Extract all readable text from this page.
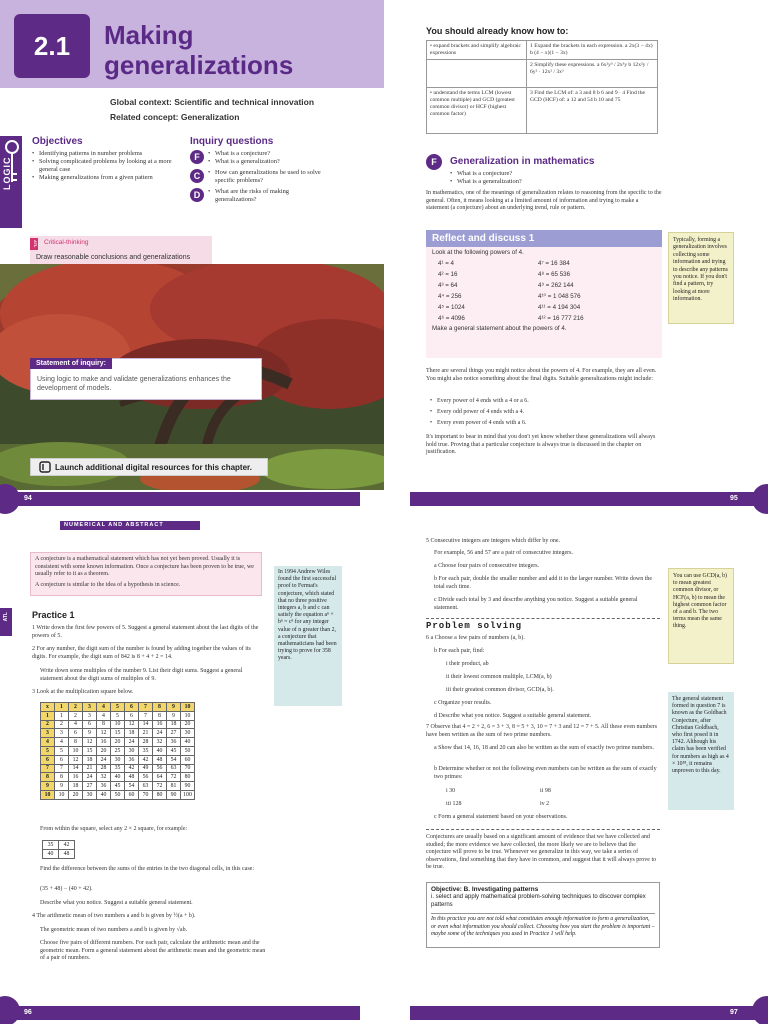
2.1	Making
generalizations
Global context: Scientific and technical innovation
Related concept: Generalization
LOGIC
Objectives
• Identifying patterns in number problems
• Solving complicated problems by looking at a more general case
• Making generalizations from a given pattern
Inquiry questions
F	• What is a conjecture?
• What is a generalization?
C	• How can generalizations be used to solve specific problems?
D	• What are the risks of making generalizations?
ATL Critical-thinking
Draw reasonable conclusions and generalizations
Using logic to make and validate generalizations enhances the development of models.
Statement of inquiry:
Launch additional digital resources for this chapter.
94
You should already know how to:
• expand brackets and simplify algebraic expressions	1 Expand the brackets in each expression. a 2x(3 − 4x) b (4 − x)(1 − 3x)
	2 Simplify these expressions. a 6x²y³ / 2x³y b 12x²y / 6y² · 12x² / 3x²
• understand the terms LCM (lowest common multiple) and GCD (greatest common divisor) or HCF (highest common factor)	3 Find the LCM of: a 3 and 8 b 6 and 9 · 4 Find the GCD (HCF) of: a 12 and 54 b 10 and 75
F	Generalization in mathematics
• What is a conjecture?
• What is a generalization?
In mathematics, one of the meanings of generalization relates to reasoning from the specific to the general. Often, it means looking at a limited amount of information and trying to make a statement (a conjecture) about an underlying trend, rule or pattern.
Reflect and discuss 1
Look at the following powers of 4.
4¹ = 4
4² = 16
4³ = 64
4⁴ = 256
4⁵ = 1024
4⁶ = 4096
4⁷ = 16 384
4⁸ = 65 536
4⁹ = 262 144
4¹⁰ = 1 048 576
4¹¹ = 4 194 304
4¹² = 16 777 216
Make a general statement about the powers of 4.
Typically, forming a generalization involves collecting some information and trying to describe any patterns you notice. If you don't find a pattern, try looking at more information.
There are several things you might notice about the powers of 4. For example, they are all even. You might also notice something about the final digits. Suitable generalizations might include:
• Every power of 4 ends with a 4 or a 6.
• Every odd power of 4 ends with a 4.
• Every even power of 4 ends with a 6.
It's important to bear in mind that you don't yet know whether these generalizations will always hold true. Proving that a particular conjecture is always true is discussed in the chapter on justification.
95
NUMERICAL AND ABSTRACT REASONING
A conjecture is a mathematical statement which has not yet been proved. Usually it is consistent with some known information. Once a conjecture has been proven to be true, we usually refer to it as a theorem.
A conjecture is similar to the idea of a hypothesis in science.
In 1994 Andrew Wiles found the first successful proof to Fermat's conjecture, which stated that no three positive integers a, b and c can satisfy the equation aⁿ + bⁿ = cⁿ for any integer value of n greater than 2, a conjecture that mathematicians had been trying to prove for 358 years.
ATL	Practice 1
1 Write down the first few powers of 5. Suggest a general statement about the last digits of the powers of 5.
2 For any number, the digit sum of the number is found by adding together the values of its digits. For example, the digit sum of 842 is 8 + 4 + 2 = 14.
Write down some multiples of the number 9. List their digit sums. Suggest a general statement about the digit sums of multiples of 9.
3 Look at the multiplication square below.
x	1	2	3	4	5	6	7	8	9	10
1	1	2	3	4	5	6	7	8	9	10
2	2	4	6	8	10	12	14	16	18	20
3	3	6	9	12	15	18	21	24	27	30
4	4	8	12	16	20	24	28	32	36	40
5	5	10	15	20	25	30	35	40	45	50
6	6	12	18	24	30	36	42	48	54	60
7	7	14	21	28	35	42	49	56	63	70
8	8	16	24	32	40	48	56	64	72	80
9	9	18	27	36	45	54	63	72	81	90
10	10	20	30	40	50	60	70	80	90	100
From within the square, select any 2 × 2 square, for example:
35	42
40	48
Find the difference between the sums of the entries in the two diagonal cells, in this case:
(35 + 48) − (40 + 42).
Describe what you notice. Suggest a suitable general statement.
4 The arithmetic mean of two numbers a and b is given by ½(a + b).
The geometric mean of two numbers a and b is given by √ab.
Choose five pairs of different numbers. For each pair, calculate the arithmetic mean and the geometric mean. Form a general statement about the arithmetic mean and the geometric mean of a pair of numbers.
96
5 Consecutive integers are integers which differ by one.
For example, 56 and 57 are a pair of consecutive integers.
a Choose four pairs of consecutive integers.
b For each pair, double the smaller number and add it to the larger number. Write down the total each time.
c Divide each total by 3 and describe anything you notice. Suggest a suitable general statement.
Problem solving
6 a Choose a few pairs of numbers (a, b).
b For each pair, find:
i their product, ab
ii their lowest common multiple, LCM(a, b)
iii their greatest common divisor, GCD(a, b).
c Organize your results.
d Describe what you notice. Suggest a suitable general statement.
7 Observe that 4 = 2 + 2, 6 = 3 + 3, 8 = 5 + 3, 10 = 7 + 3 and 12 = 7 + 5. All these even numbers have been written as the sum of two prime numbers.
a Show that 14, 16, 18 and 20 can also be written as the sum of exactly two prime numbers.
b Determine whether or not the following even numbers can be written as the sum of exactly two primes:
i 30	ii 98
iii 128	iv 2
c Form a general statement based on your observations.
You can use GCD(a, b) to mean greatest common divisor, or HCF(a, b) to mean the highest common factor of a and b. The two terms mean the same thing.
The general statement formed in question 7 is known as the Goldbach Conjecture, after Christian Goldbach, who first posed it in 1742. Although his claim has been verified for numbers as high as 4 × 10¹⁸, it remains unproven to this day.
Conjectures are usually based on a significant amount of evidence that we have collected and studied; the more evidence we have collected, the more likely we are to believe that the conjecture will prove to be true. Whenever we generalize in this way, we take a series of observations, find something that they have in common, and suggest that it will always prove to be true.
Objective: B. Investigating patterns
i. select and apply mathematical problem-solving techniques to discover complex patterns
In this practice you are not told what constitutes enough information to form a generalization, or even what information you should collect. Choosing how you start the problem is important – maybe some of the techniques you used in Practice 1 will help.
97
